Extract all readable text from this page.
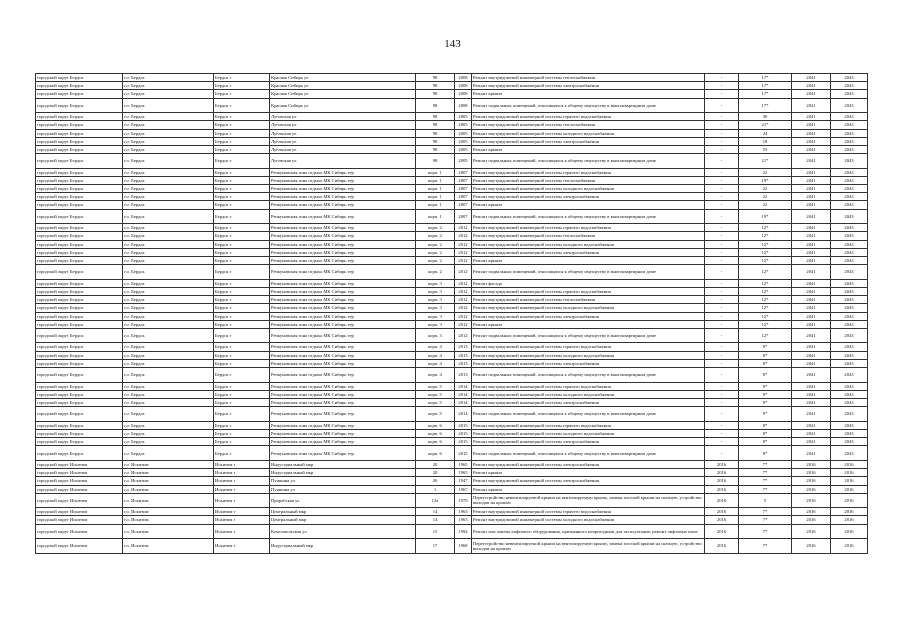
143
городской округ Бердск	г.о. Бердск	Бердск г	Красная Сибирь ул	98	2008	Ремонт внутридомовой инженерной системы теплоснабжения	-	17*	2041	2043
городской округ Бердск	г.о. Бердск	Бердск г	Красная Сибирь ул	98	2008	Ремонт внутридомовой инженерной системы электроснабжения	-	17*	2041	2043
городской округ Бердск	г.о. Бердск	Бердск г	Красная Сибирь ул	98	2008	Ремонт крыши	-	17*	2041	2043
городской округ Бердск	г.о. Бердск	Бердск г	Красная Сибирь ул	98	2008	Ремонт подвальных помещений, относящихся к общему имуществу в многоквартирном доме	-	17*	2041	2043
городской округ Бердск	г.о. Бердск	Бердск г	Луговская ул	98	2005	Ремонт внутридомовой инженерной системы горячего водоснабжения	-	30	2041	2043
городской округ Бердск	г.о. Бердск	Бердск г	Луговская ул	98	2005	Ремонт внутридомовой инженерной системы теплоснабжения	-	21*	2041	2043
городской округ Бердск	г.о. Бердск	Бердск г	Луговская ул	98	2005	Ремонт внутридомовой инженерной системы холодного водоснабжения	-	24	2041	2043
городской округ Бердск	г.о. Бердск	Бердск г	Луговская ул	98	2005	Ремонт внутридомовой инженерной системы электроснабжения	-	18	2041	2043
городской округ Бердск	г.о. Бердск	Бердск г	Луговская ул	98	2005	Ремонт крыши	-	55	2041	2043
городской округ Бердск	г.о. Бердск	Бердск г	Луговская ул	98	2005	Ремонт подвальных помещений, относящихся к общему имуществу в многоквартирном доме	-	21*	2041	2043
городской округ Бердск	г.о. Бердск	Бердск г	Речкуновская зона отдыха МК Сибирь тер	корп. 1	2007	Ремонт внутридомовой инженерной системы горячего водоснабжения	-	22	2041	2043
городской округ Бердск	г.о. Бердск	Бердск г	Речкуновская зона отдыха МК Сибирь тер	корп. 1	2007	Ремонт внутридомовой инженерной системы теплоснабжения	-	19*	2041	2043
городской округ Бердск	г.о. Бердск	Бердск г	Речкуновская зона отдыха МК Сибирь тер	корп. 1	2007	Ремонт внутридомовой инженерной системы холодного водоснабжения	-	22	2041	2043
городской округ Бердск	г.о. Бердск	Бердск г	Речкуновская зона отдыха МК Сибирь тер	корп. 1	2007	Ремонт внутридомовой инженерной системы электроснабжения	-	22	2041	2043
городской округ Бердск	г.о. Бердск	Бердск г	Речкуновская зона отдыха МК Сибирь тер	корп. 1	2007	Ремонт крыши	-	22	2041	2043
городской округ Бердск	г.о. Бердск	Бердск г	Речкуновская зона отдыха МК Сибирь тер	корп. 1	2007	Ремонт подвальных помещений, относящихся к общему имуществу в многоквартирном доме	-	19*	2041	2043
городской округ Бердск	г.о. Бердск	Бердск г	Речкуновская зона отдыха МК Сибирь тер	корп. 2	2012	Ремонт внутридомовой инженерной системы горячего водоснабжения	-	12*	2041	2043
городской округ Бердск	г.о. Бердск	Бердск г	Речкуновская зона отдыха МК Сибирь тер	корп. 2	2012	Ремонт внутридомовой инженерной системы теплоснабжения	-	12*	2041	2043
городской округ Бердск	г.о. Бердск	Бердск г	Речкуновская зона отдыха МК Сибирь тер	корп. 2	2012	Ремонт внутридомовой инженерной системы холодного водоснабжения	-	12*	2041	2043
городской округ Бердск	г.о. Бердск	Бердск г	Речкуновская зона отдыха МК Сибирь тер	корп. 2	2012	Ремонт внутридомовой инженерной системы электроснабжения	-	12*	2041	2043
городской округ Бердск	г.о. Бердск	Бердск г	Речкуновская зона отдыха МК Сибирь тер	корп. 2	2012	Ремонт крыши	-	12*	2041	2043
городской округ Бердск	г.о. Бердск	Бердск г	Речкуновская зона отдыха МК Сибирь тер	корп. 2	2012	Ремонт подвальных помещений, относящихся к общему имуществу в многоквартирном доме	-	12*	2041	2043
городской округ Бердск	г.о. Бердск	Бердск г	Речкуновская зона отдыха МК Сибирь тер	корп. 3	2012	Ремонт фасада	-	12*	2041	2043
городской округ Бердск	г.о. Бердск	Бердск г	Речкуновская зона отдыха МК Сибирь тер	корп. 3	2012	Ремонт внутридомовой инженерной системы горячего водоснабжения	-	12*	2041	2043
городской округ Бердск	г.о. Бердск	Бердск г	Речкуновская зона отдыха МК Сибирь тер	корп. 3	2012	Ремонт внутридомовой инженерной системы теплоснабжения	-	12*	2041	2043
городской округ Бердск	г.о. Бердск	Бердск г	Речкуновская зона отдыха МК Сибирь тер	корп. 3	2012	Ремонт внутридомовой инженерной системы холодного водоснабжения	-	12*	2041	2043
городской округ Бердск	г.о. Бердск	Бердск г	Речкуновская зона отдыха МК Сибирь тер	корп. 3	2012	Ремонт внутридомовой инженерной системы электроснабжения	-	12*	2041	2043
городской округ Бердск	г.о. Бердск	Бердск г	Речкуновская зона отдыха МК Сибирь тер	корп. 3	2012	Ремонт крыши	-	12*	2041	2043
городской округ Бердск	г.о. Бердск	Бердск г	Речкуновская зона отдыха МК Сибирь тер	корп. 3	2012	Ремонт подвальных помещений, относящихся к общему имуществу в многоквартирном доме	-	12*	2041	2043
городской округ Бердск	г.о. Бердск	Бердск г	Речкуновская зона отдыха МК Сибирь тер	корп. 4	2013	Ремонт внутридомовой инженерной системы горячего водоснабжения	-	8*	2041	2043
городской округ Бердск	г.о. Бердск	Бердск г	Речкуновская зона отдыха МК Сибирь тер	корп. 4	2013	Ремонт внутридомовой инженерной системы холодного водоснабжения	-	8*	2041	2043
городской округ Бердск	г.о. Бердск	Бердск г	Речкуновская зона отдыха МК Сибирь тер	корп. 4	2013	Ремонт внутридомовой инженерной системы электроснабжения	-	8*	2041	2043
городской округ Бердск	г.о. Бердск	Бердск г	Речкуновская зона отдыха МК Сибирь тер	корп. 4	2013	Ремонт подвальных помещений, относящихся к общему имуществу в многоквартирном доме	-	8*	2041	2043
городской округ Бердск	г.о. Бердск	Бердск г	Речкуновская зона отдыха МК Сибирь тер	корп. 5	2014	Ремонт внутридомовой инженерной системы горячего водоснабжения	-	9*	2041	2043
городской округ Бердск	г.о. Бердск	Бердск г	Речкуновская зона отдыха МК Сибирь тер	корп. 5	2014	Ремонт внутридомовой инженерной системы холодного водоснабжения	-	9*	2041	2043
городской округ Бердск	г.о. Бердск	Бердск г	Речкуновская зона отдыха МК Сибирь тер	корп. 5	2014	Ремонт внутридомовой инженерной системы электроснабжения	-	9*	2041	2043
городской округ Бердск	г.о. Бердск	Бердск г	Речкуновская зона отдыха МК Сибирь тер	корп. 5	2014	Ремонт подвальных помещений, относящихся к общему имуществу в многоквартирном доме	-	9*	2041	2043
городской округ Бердск	г.о. Бердск	Бердск г	Речкуновская зона отдыха МК Сибирь тер	корп. 6	2015	Ремонт внутридомовой инженерной системы горячего водоснабжения	-	8*	2041	2043
городской округ Бердск	г.о. Бердск	Бердск г	Речкуновская зона отдыха МК Сибирь тер	корп. 6	2015	Ремонт внутридомовой инженерной системы холодного водоснабжения	-	8*	2041	2043
городской округ Бердск	г.о. Бердск	Бердск г	Речкуновская зона отдыха МК Сибирь тер	корп. 6	2015	Ремонт внутридомовой инженерной системы электроснабжения	-	8*	2041	2043
городской округ Бердск	г.о. Бердск	Бердск г	Речкуновская зона отдыха МК Сибирь тер	корп. 6	2015	Ремонт подвальных помещений, относящихся к общему имуществу в многоквартирном доме	-	8*	2041	2043
городской округ Искитим	г.о. Искитим	Искитим г	Индустриальный мкр	20	1965	Ремонт внутридомовой инженерной системы электроснабжения	2016	7*	2016	2016
городской округ Искитим	г.о. Искитим	Искитим г	Индустриальный мкр	20	1965	Ремонт крыши	2016	7*	2016	2016
городской округ Искитим	г.о. Искитим	Искитим г	Пушкина ул	26	1947	Ремонт внутридомовой инженерной системы электроснабжения	2016	7*	2016	2016
городской округ Искитим	г.о. Искитим	Искитим г	Пушкина ул	1	1967	Ремонт крыши	2016	7*	2016	2016
городской округ Искитим	г.о. Искитим	Искитим г	Прорабская ул	12а	1979	Переустройство невентилируемой крыши на вентилируемую крышу, замена плоской крыши на скатную, устройство выходов на кровлю	2016	5	2016	2016
городской округ Искитим	г.о. Искитим	Искитим г	Центральный мкр	14	1963	Ремонт внутридомовой инженерной системы горячего водоснабжения	2016	7*	2016	2016
городской округ Искитим	г.о. Искитим	Искитим г	Центральный мкр	14	1963	Ремонт внутридомовой инженерной системы холодного водоснабжения	2016	7*	2016	2016
городской округ Искитим	г.о. Искитим	Искитим г	Комсомольская ул	15	1994	Ремонт или замена лифтового оборудования, признанного непригодным для эксплуатации, ремонт лифтовых шахт	2016	7*	2016	2016
городской округ Искитим	г.о. Искитим	Искитим г	Индустриальный мкр	17	1968	Переустройство невентилируемой крыши на вентилируемую крышу, замена плоской крыши на скатную, устройство выходов на кровлю	2016	7*	2016	2016
